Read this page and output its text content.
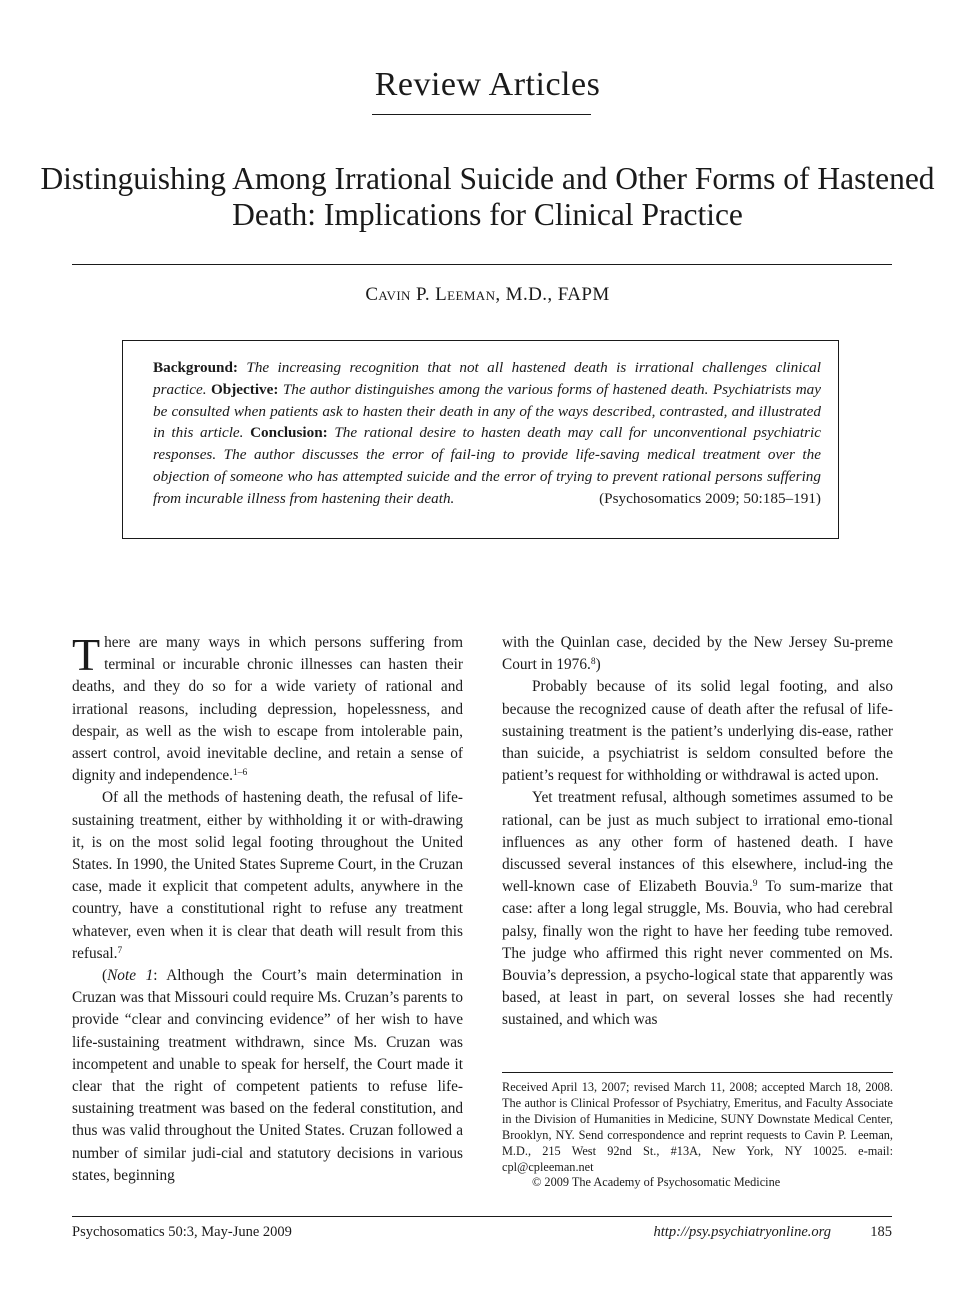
Review Articles
Distinguishing Among Irrational Suicide and Other Forms of Hastened Death: Implications for Clinical Practice
Cavin P. Leeman, M.D., FAPM
Background: The increasing recognition that not all hastened death is irrational challenges clinical practice. Objective: The author distinguishes among the various forms of hastened death. Psychiatrists may be consulted when patients ask to hasten their death in any of the ways described, contrasted, and illustrated in this article. Conclusion: The rational desire to hasten death may call for unconventional psychiatric responses. The author discusses the error of fail-ing to provide life-saving medical treatment over the objection of someone who has attempted suicide and the error of trying to prevent rational persons suffering from incurable illness from hastening their death.	(Psychosomatics 2009; 50:185–191)

There are many ways in which persons suffering from terminal or incurable chronic illnesses can hasten their deaths, and they do so for a wide variety of rational and irrational reasons, including depression, hopelessness, and despair, as well as the wish to escape from intolerable pain, assert control, avoid inevitable decline, and retain a sense of dignity and independence.$^{1-6}$

Of all the methods of hastening death, the refusal of life-sustaining treatment, either by withholding it or with-drawing it, is on the most solid legal footing throughout the United States. In 1990, the United States Supreme Court, in the Cruzan case, made it explicit that competent adults, anywhere in the country, have a constitutional right to refuse any treatment whatever, even when it is clear that death will result from this refusal.$^7$

(Note 1: Although the Court’s main determination in Cruzan was that Missouri could require Ms. Cruzan’s parents to provide “clear and convincing evidence” of her wish to have life-sustaining treatment withdrawn, since Ms. Cruzan was incompetent and unable to speak for herself, the Court made it clear that the right of competent patients to refuse life-sustaining treatment was based on the federal constitution, and thus was valid throughout the United States. Cruzan followed a number of similar judi-cial and statutory decisions in various states, beginning

with the Quinlan case, decided by the New Jersey Su-preme Court in 1976.$^8$)

Probably because of its solid legal footing, and also because the recognized cause of death after the refusal of life-sustaining treatment is the patient’s underlying dis-ease, rather than suicide, a psychiatrist is seldom consulted before the patient’s request for withholding or withdrawal is acted upon.

Yet treatment refusal, although sometimes assumed to be rational, can be just as much subject to irrational emo-tional influences as any other form of hastened death. I have discussed several instances of this elsewhere, includ-ing the well-known case of Elizabeth Bouvia.$^9$ To sum-marize that case: after a long legal struggle, Ms. Bouvia, who had cerebral palsy, finally won the right to have her feeding tube removed. The judge who affirmed this right never commented on Ms. Bouvia’s depression, a psycho-logical state that apparently was based, at least in part, on several losses she had recently sustained, and which was

Received April 13, 2007; revised March 11, 2008; accepted March 18, 2008. The author is Clinical Professor of Psychiatry, Emeritus, and Faculty Associate in the Division of Humanities in Medicine, SUNY Downstate Medical Center, Brooklyn, NY. Send correspondence and reprint requests to Cavin P. Leeman, M.D., 215 West 92nd St., #13A, New York, NY 10025. e-mail: cpl@cpleeman.net
© 2009 The Academy of Psychosomatic Medicine
Psychosomatics 50:3, May-June 2009	http://psy.psychiatryonline.org	185
